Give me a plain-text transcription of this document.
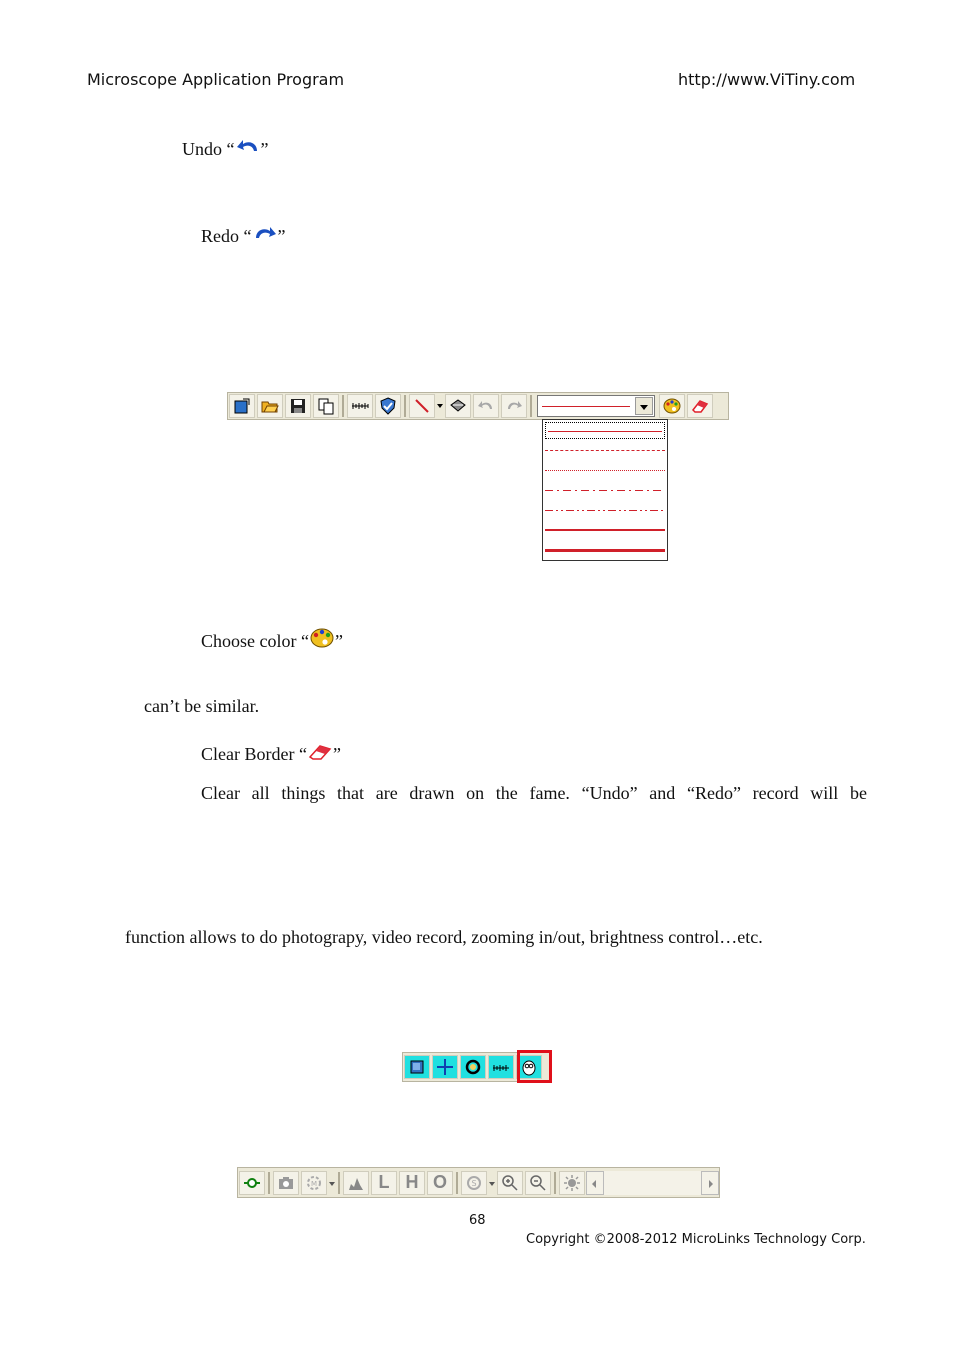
Microscope Application Program	http://www.ViTiny.com
Undo “ ”
Redo “ ”
Choose color “ ”
can’t be similar.
Clear Border “ ”
Clear all things that are drawn on the fame. “Undo” and “Redo” record will be
function allows to do photograpy, video record, zooming in/out, brightness control…etc.
M	L H O	S
68
Copyright ©2008-2012 MicroLinks Technology Corp.
